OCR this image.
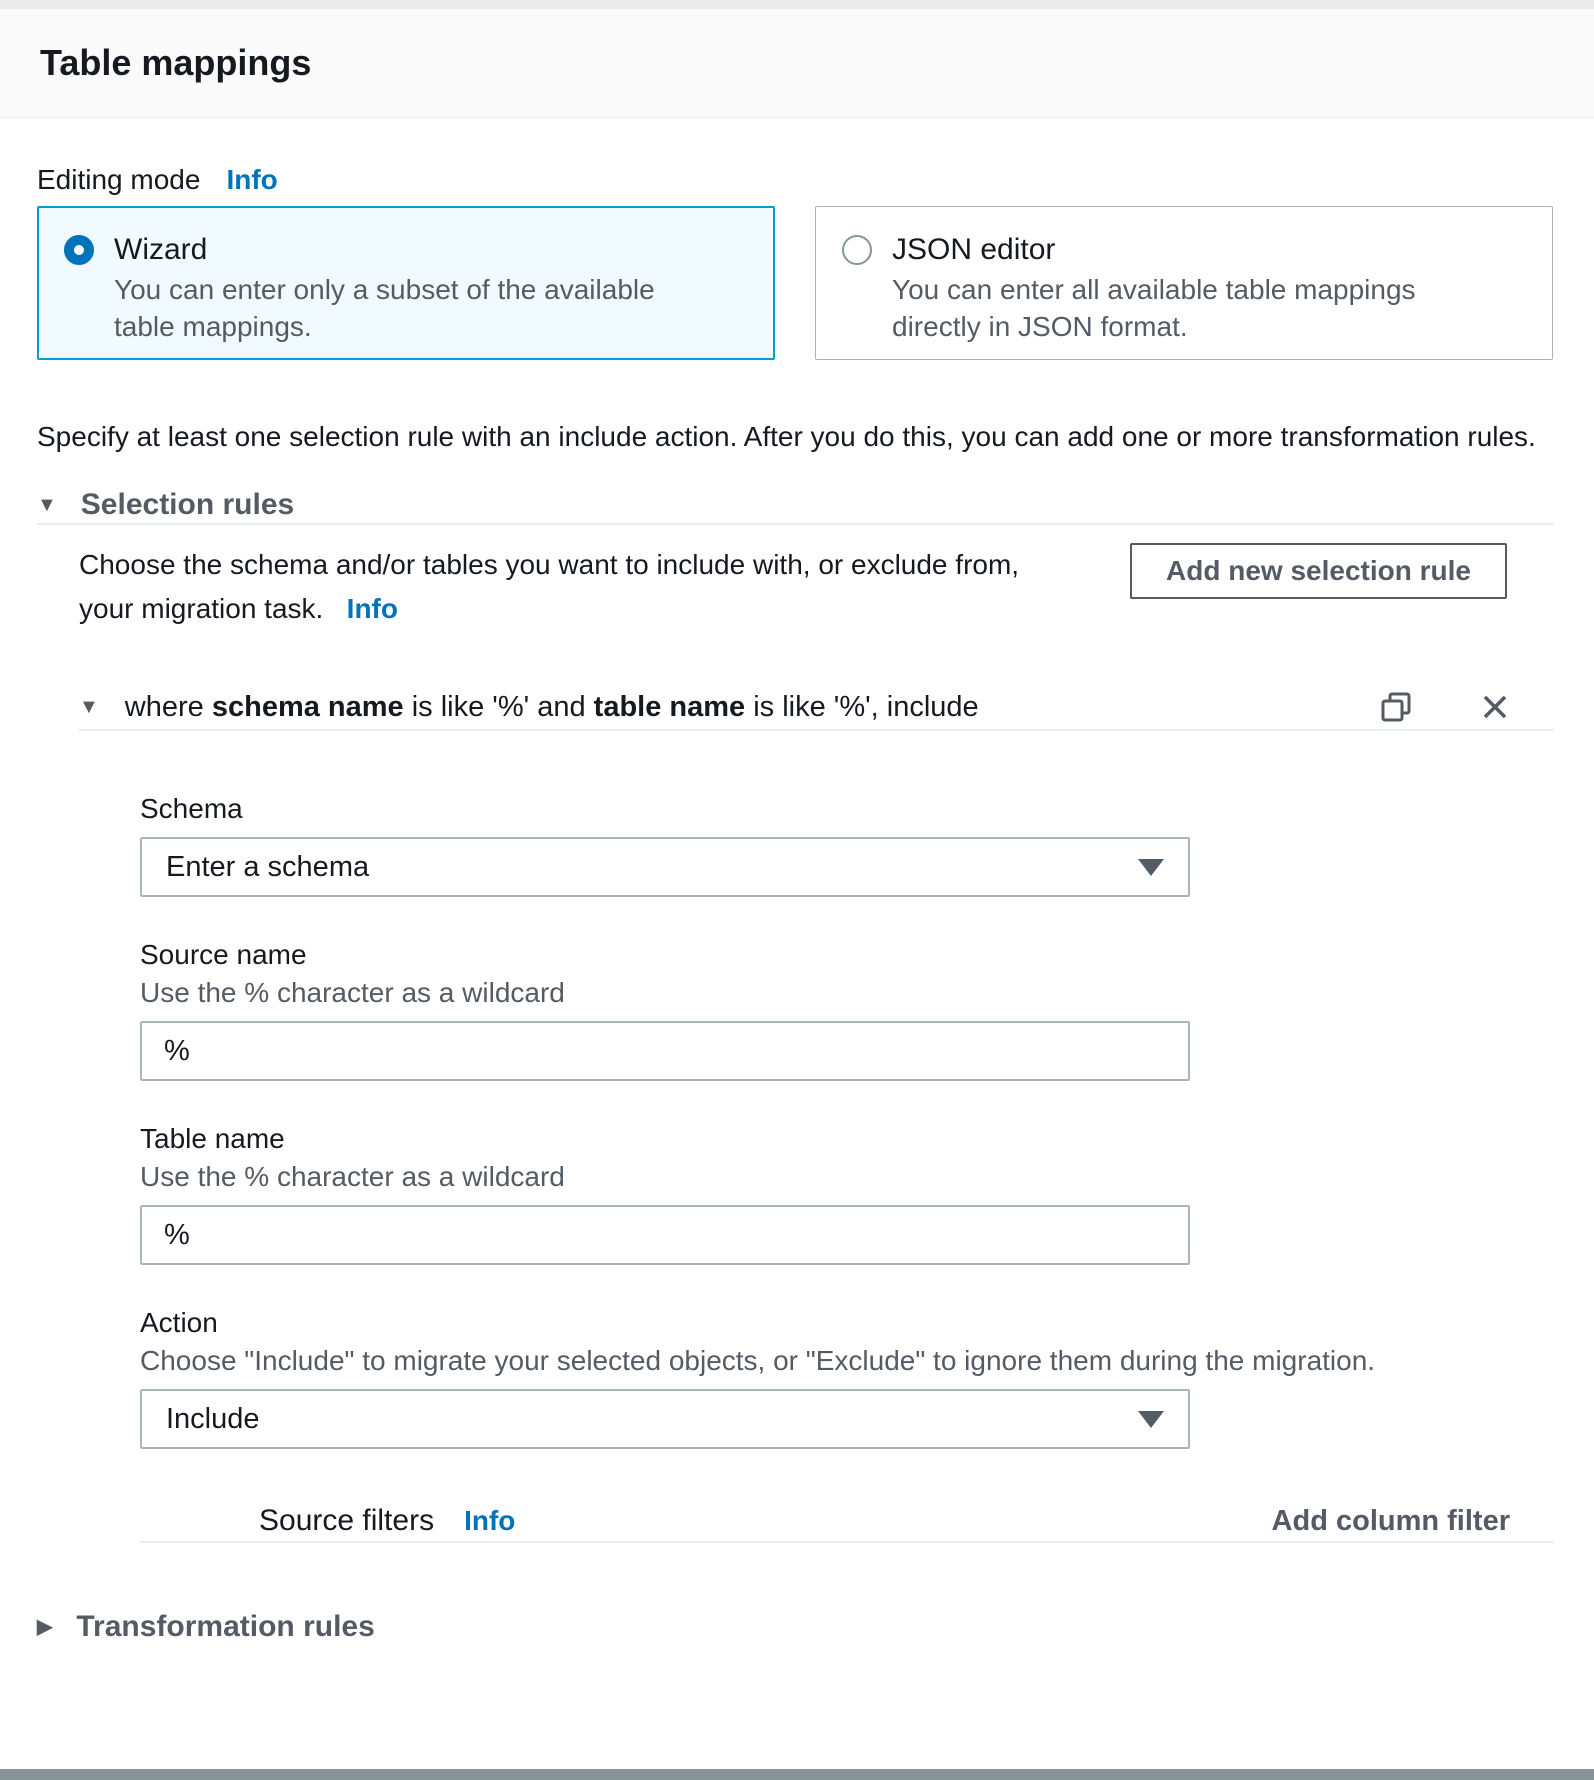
Table mappings
Editing mode Info
Wizard
You can enter only a subset of the available table mappings.
JSON editor
You can enter all available table mappings directly in JSON format.

Specify at least one selection rule with an include action. After you do this, you can add one or more transformation rules.

▼ Selection rules

Choose the schema and/or tables you want to include with, or exclude from, your migration task. Info

Add new selection rule
▼ where schema name is like '%' and table name is like '%', include
Schema
Enter a schema
Source name
Use the % character as a wildcard
%
Table name
Use the % character as a wildcard
%
Action
Choose "Include" to migrate your selected objects, or "Exclude" to ignore them during the migration.
Include
Source filters Info	Add column filter
▶ Transformation rules
